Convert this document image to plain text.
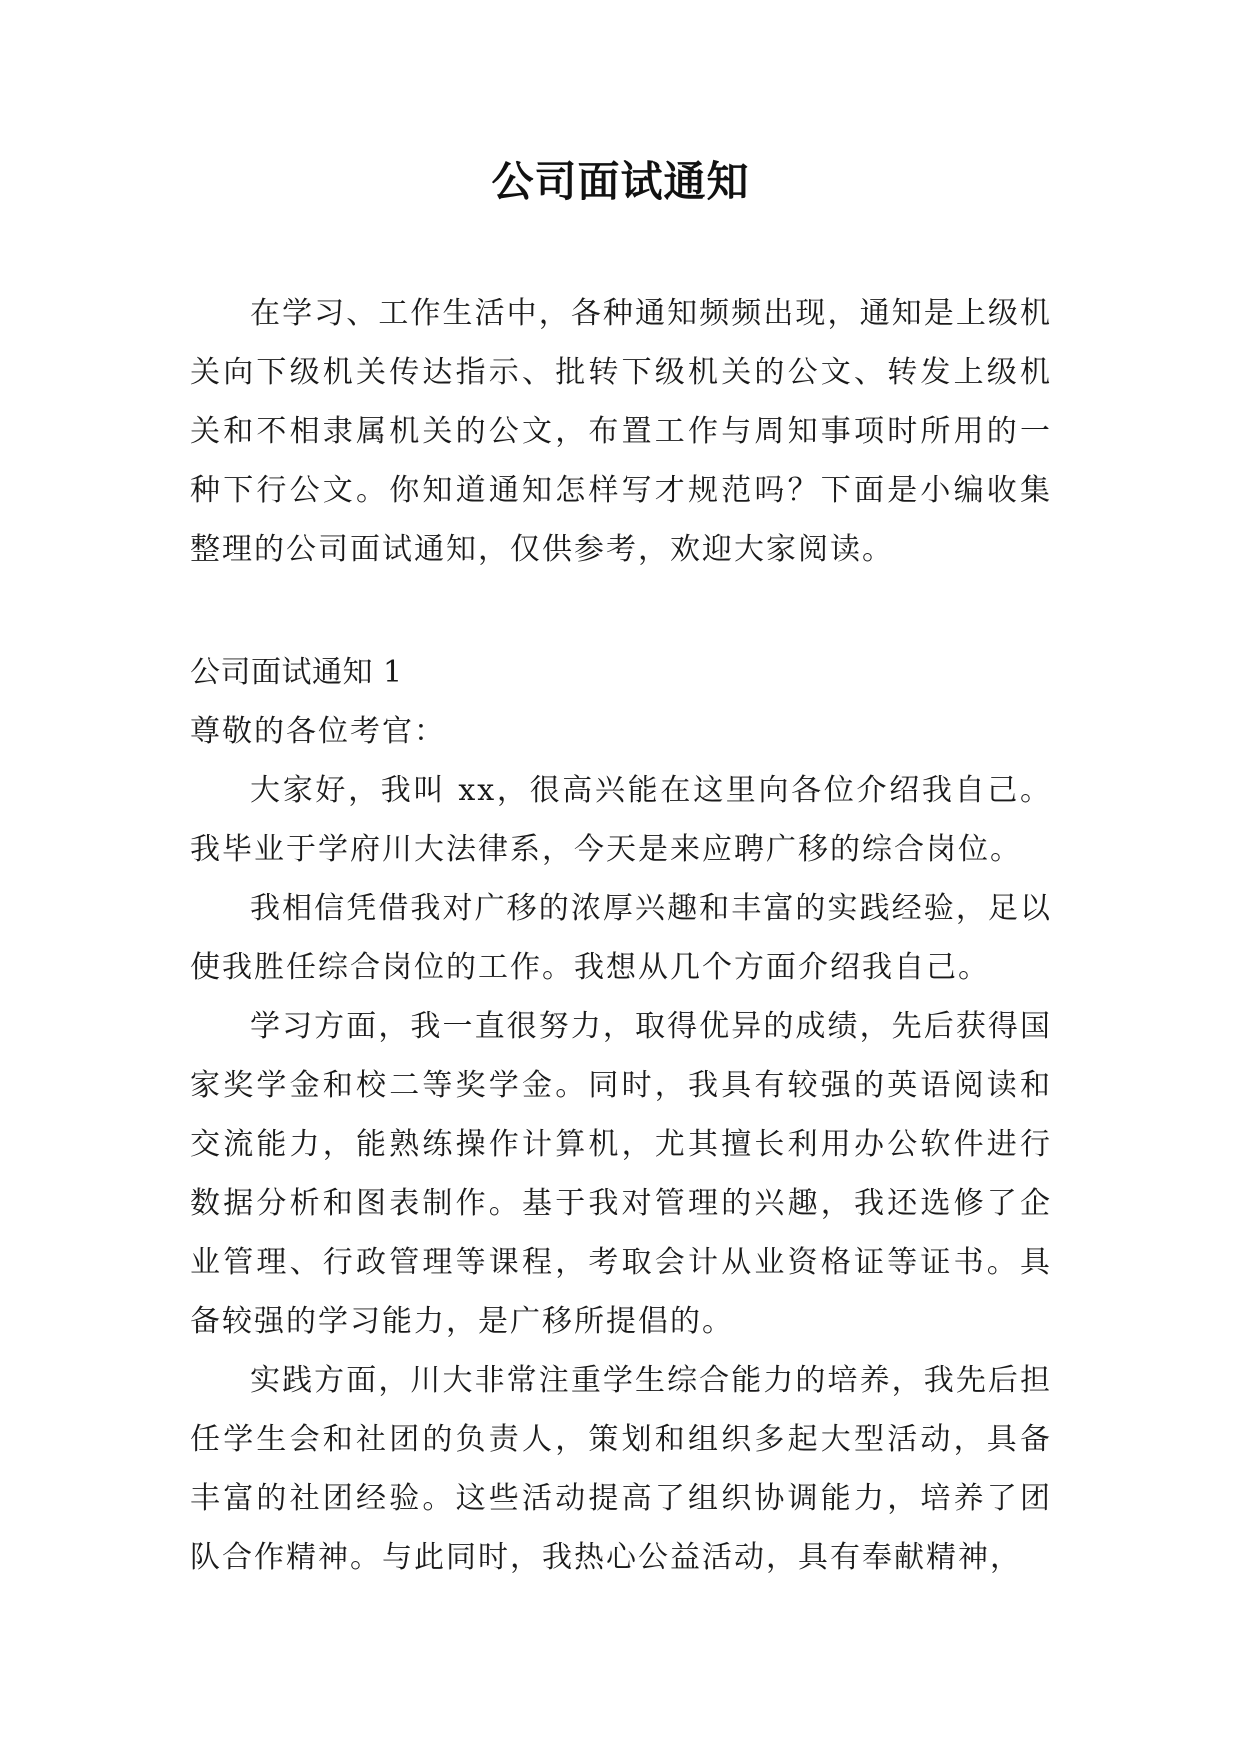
公司面试通知

在学习、工作生活中，各种通知频频出现，通知是上级机关向下级机关传达指示、批转下级机关的公文、转发上级机关和不相隶属机关的公文，布置工作与周知事项时所用的一种下行公文。你知道通知怎样写才规范吗？下面是小编收集整理的公司面试通知，仅供参考，欢迎大家阅读。

公司面试通知 1

尊敬的各位考官：

大家好，我叫 xx，很高兴能在这里向各位介绍我自己。我毕业于学府川大法律系，今天是来应聘广移的综合岗位。

我相信凭借我对广移的浓厚兴趣和丰富的实践经验，足以使我胜任综合岗位的工作。我想从几个方面介绍我自己。

学习方面，我一直很努力，取得优异的成绩，先后获得国家奖学金和校二等奖学金。同时，我具有较强的英语阅读和交流能力，能熟练操作计算机，尤其擅长利用办公软件进行数据分析和图表制作。基于我对管理的兴趣，我还选修了企业管理、行政管理等课程，考取会计从业资格证等证书。具备较强的学习能力，是广移所提倡的。

实践方面，川大非常注重学生综合能力的培养，我先后担任学生会和社团的负责人，策划和组织多起大型活动，具备丰富的社团经验。这些活动提高了组织协调能力，培养了团队合作精神。与此同时，我热心公益活动，具有奉献精神，
